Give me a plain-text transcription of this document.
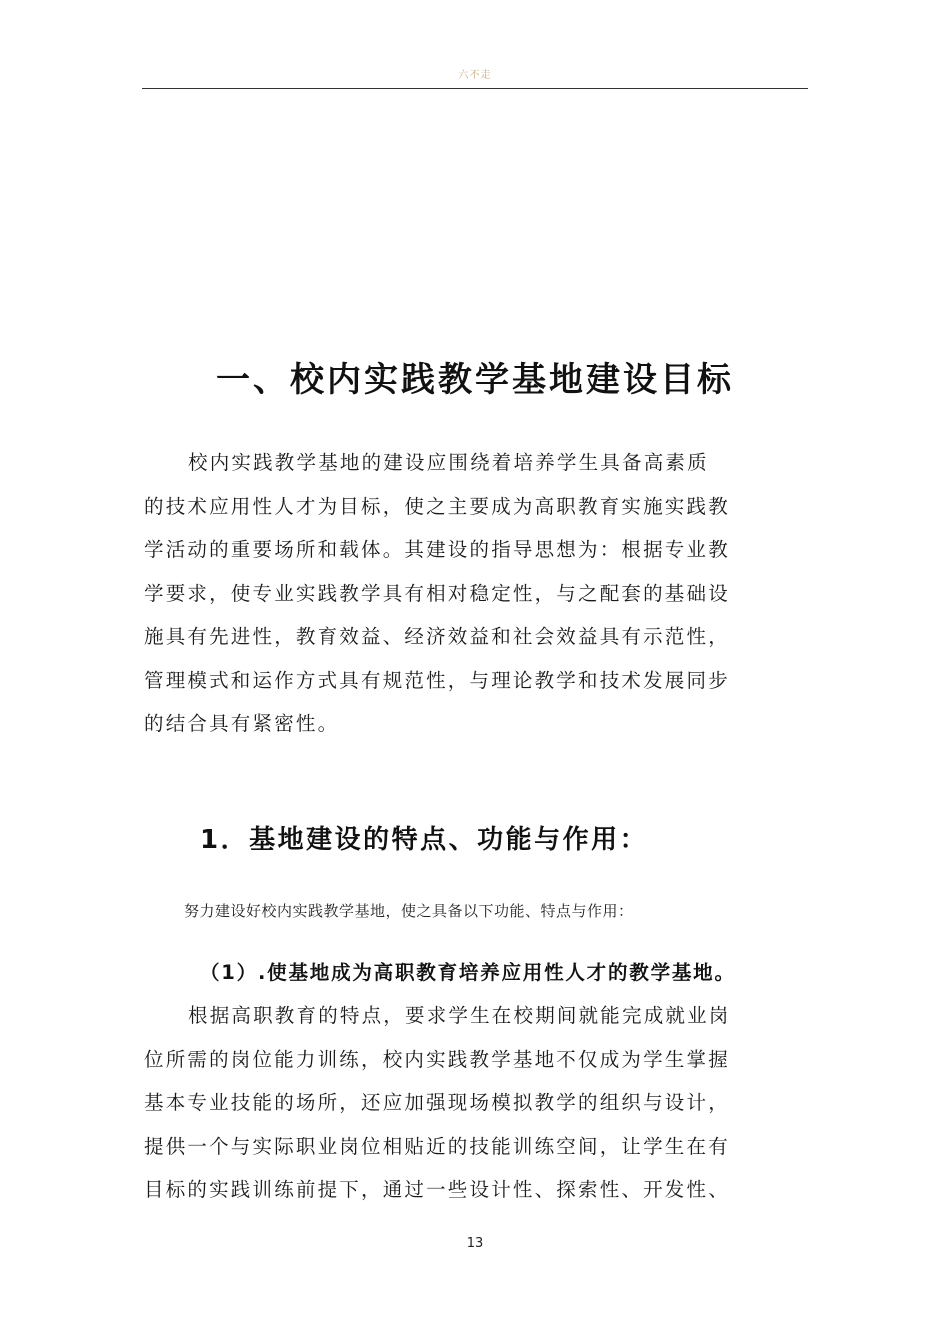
六不走
一、校内实践教学基地建设目标
校内实践教学基地的建设应围绕着培养学生具备高素质
的技术应用性人才为目标，使之主要成为高职教育实施实践教
学活动的重要场所和载体。其建设的指导思想为：根据专业教
学要求，使专业实践教学具有相对稳定性，与之配套的基础设
施具有先进性，教育效益、经济效益和社会效益具有示范性，
管理模式和运作方式具有规范性，与理论教学和技术发展同步
的结合具有紧密性。
1．基地建设的特点、功能与作用：
努力建设好校内实践教学基地，使之具备以下功能、特点与作用：
（1）.使基地成为高职教育培养应用性人才的教学基地。
根据高职教育的特点，要求学生在校期间就能完成就业岗
位所需的岗位能力训练，校内实践教学基地不仅成为学生掌握
基本专业技能的场所，还应加强现场模拟教学的组织与设计，
提供一个与实际职业岗位相贴近的技能训练空间，让学生在有
目标的实践训练前提下，通过一些设计性、探索性、开发性、
13
